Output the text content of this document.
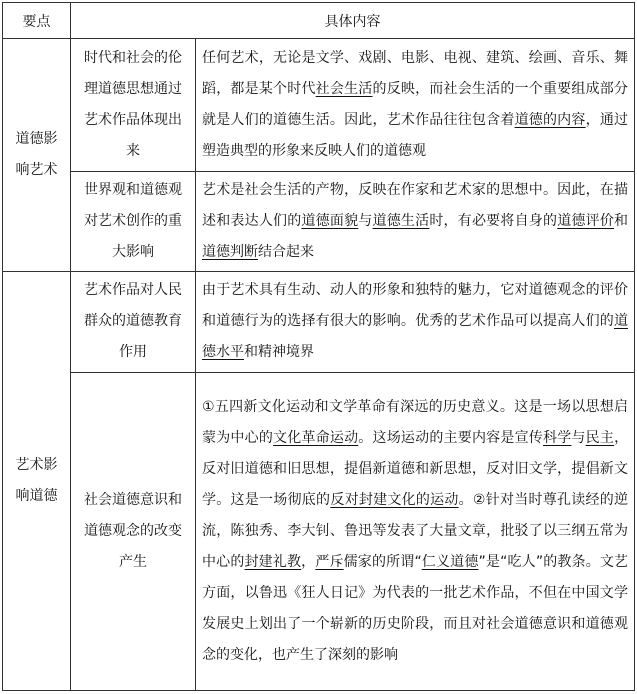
要点	具体内容	
道德影响艺术	时代和社会的伦理道德思想通过艺术作品体现出来	任何艺术，无论是文学、戏剧、电影、电视、建筑、绘画、音乐、舞蹈，都是某个时代社会生活的反映，而社会生活的一个重要组成部分就是人们的道德生活。因此，艺术作品往往包含着道德的内容，通过塑造典型的形象来反映人们的道德观
	世界观和道德观对艺术创作的重大影响	艺术是社会生活的产物，反映在作家和艺术家的思想中。因此，在描述和表达人们的道德面貌与道德生活时，有必要将自身的道德评价和道德判断结合起来
艺术影响道德	艺术作品对人民群众的道德教育作用	由于艺术具有生动、动人的形象和独特的魅力，它对道德观念的评价和道德行为的选择有很大的影响。优秀的艺术作品可以提高人们的道德水平和精神境界
	社会道德意识和道德观念的改变产生	①五四新文化运动和文学革命有深远的历史意义。这是一场以思想启蒙为中心的文化革命运动。这场运动的主要内容是宣传科学与民主，反对旧道德和旧思想，提倡新道德和新思想，反对旧文学，提倡新文学。这是一场彻底的反对封建文化的运动。②针对当时尊孔读经的逆流，陈独秀、李大钊、鲁迅等发表了大量文章，批驳了以三纲五常为中心的封建礼教，严斥儒家的所谓“仁义道德”是“吃人”的教条。文艺方面，以鲁迅《狂人日记》为代表的一批艺术作品，不但在中国文学发展史上划出了一个崭新的历史阶段，而且对社会道德意识和道德观念的变化，也产生了深刻的影响
